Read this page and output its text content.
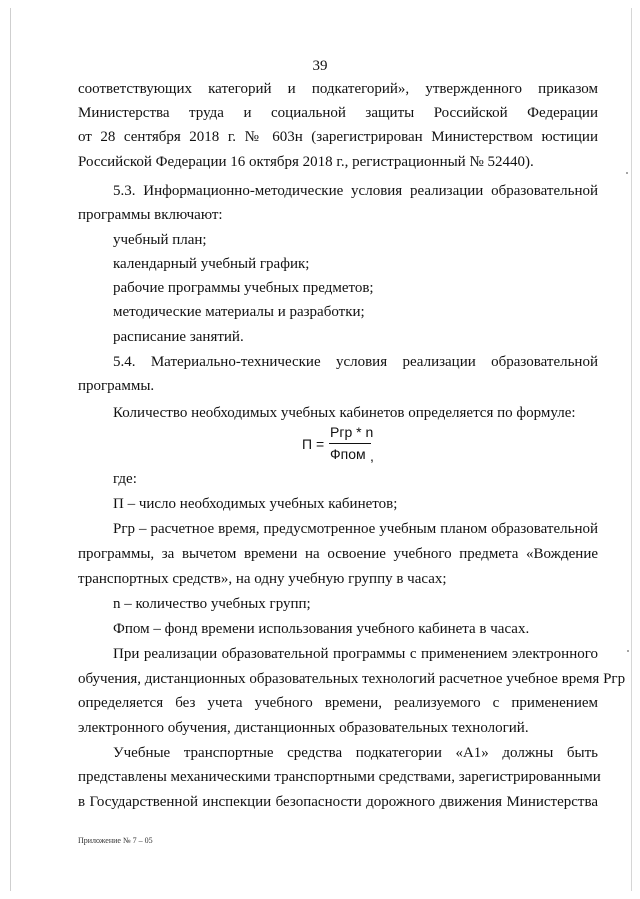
39
соответствующих категорий и подкатегорий», утвержденного приказом
Министерства труда и социальной защиты Российской Федерации
от 28 сентября 2018 г. № 603н (зарегистрирован Министерством юстиции
Российской Федерации 16 октября 2018 г., регистрационный № 52440).
5.3. Информационно-методические условия реализации образовательной
программы включают:
учебный план;
календарный учебный график;
рабочие программы учебных предметов;
методические материалы и разработки;
расписание занятий.
5.4. Материально-технические условия реализации образовательной
программы.
Количество необходимых учебных кабинетов определяется по формуле:
П =
Ргр * n
Фпом ,
где:
П – число необходимых учебных кабинетов;
Ргр – расчетное время, предусмотренное учебным планом образовательной
программы, за вычетом времени на освоение учебного предмета «Вождение
транспортных средств», на одну учебную группу в часах;
n – количество учебных групп;
Фпом – фонд времени использования учебного кабинета в часах.
При реализации образовательной программы с применением электронного
обучения, дистанционных образовательных технологий расчетное учебное время Ргр
определяется без учета учебного времени, реализуемого с применением
электронного обучения, дистанционных образовательных технологий.
Учебные транспортные средства подкатегории «А1» должны быть
представлены механическими транспортными средствами, зарегистрированными
в Государственной инспекции безопасности дорожного движения Министерства
Приложение № 7 – 05
